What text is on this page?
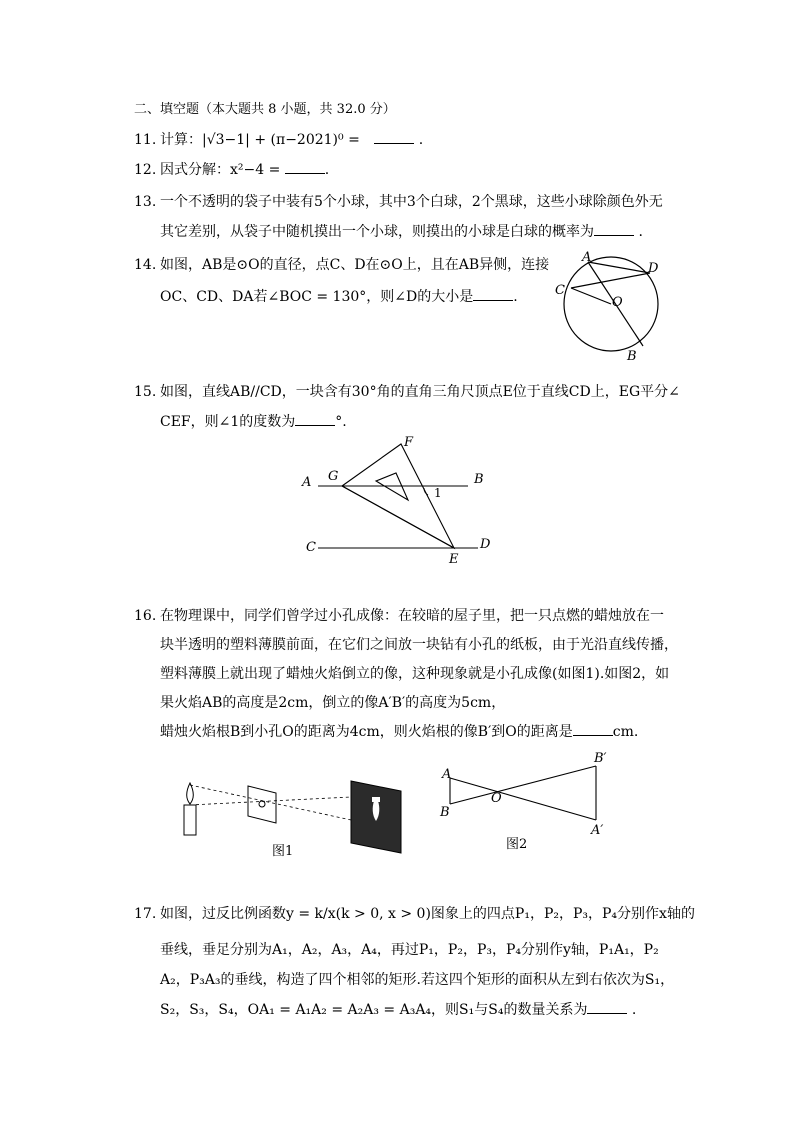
二、填空题（本大题共 8 小题，共 32.0 分）
11. 计算：|√3−1| + (π−2021)⁰ =	.
12. 因式分解：x²−4 =	.
13. 一个不透明的袋子中装有5个小球，其中3个白球，2个黑球，这些小球除颜色外无
其它差别，从袋子中随机摸出一个小球，则摸出的小球是白球的概率为	.
14. 如图，AB是⊙O的直径，点C、D在⊙O上，且在AB异侧，连接
OC、CD、DA若∠BOC = 130°，则∠D的大小是	.
A
D
C
O
B
15. 如图，直线AB//CD，一块含有30°角的直角三角尺顶点E位于直线CD上，EG平分∠
CEF，则∠1的度数为	°.
F
A G	B
1
C	D
E
16. 在物理课中，同学们曾学过小孔成像：在较暗的屋子里，把一只点燃的蜡烛放在一
块半透明的塑料薄膜前面，在它们之间放一块钻有小孔的纸板，由于光沿直线传播，
塑料薄膜上就出现了蜡烛火焰倒立的像，这种现象就是小孔成像(如图1).如图2，如
果火焰AB的高度是2cm，倒立的像A′B′的高度为5cm，
蜡烛火焰根B到小孔O的距离为4cm，则火焰根的像B′到O的距离是	cm.
图1
A
B
O
B′
A′
图2
17. 如图，过反比例函数y = k/x(k > 0, x > 0)图象上的四点P₁，P₂，P₃，P₄分别作x轴的
垂线，垂足分别为A₁，A₂，A₃，A₄，再过P₁，P₂，P₃，P₄分别作y轴，P₁A₁，P₂
A₂，P₃A₃的垂线，构造了四个相邻的矩形.若这四个矩形的面积从左到右依次为S₁，
S₂，S₃，S₄，OA₁ = A₁A₂ = A₂A₃ = A₃A₄，则S₁与S₄的数量关系为	.
